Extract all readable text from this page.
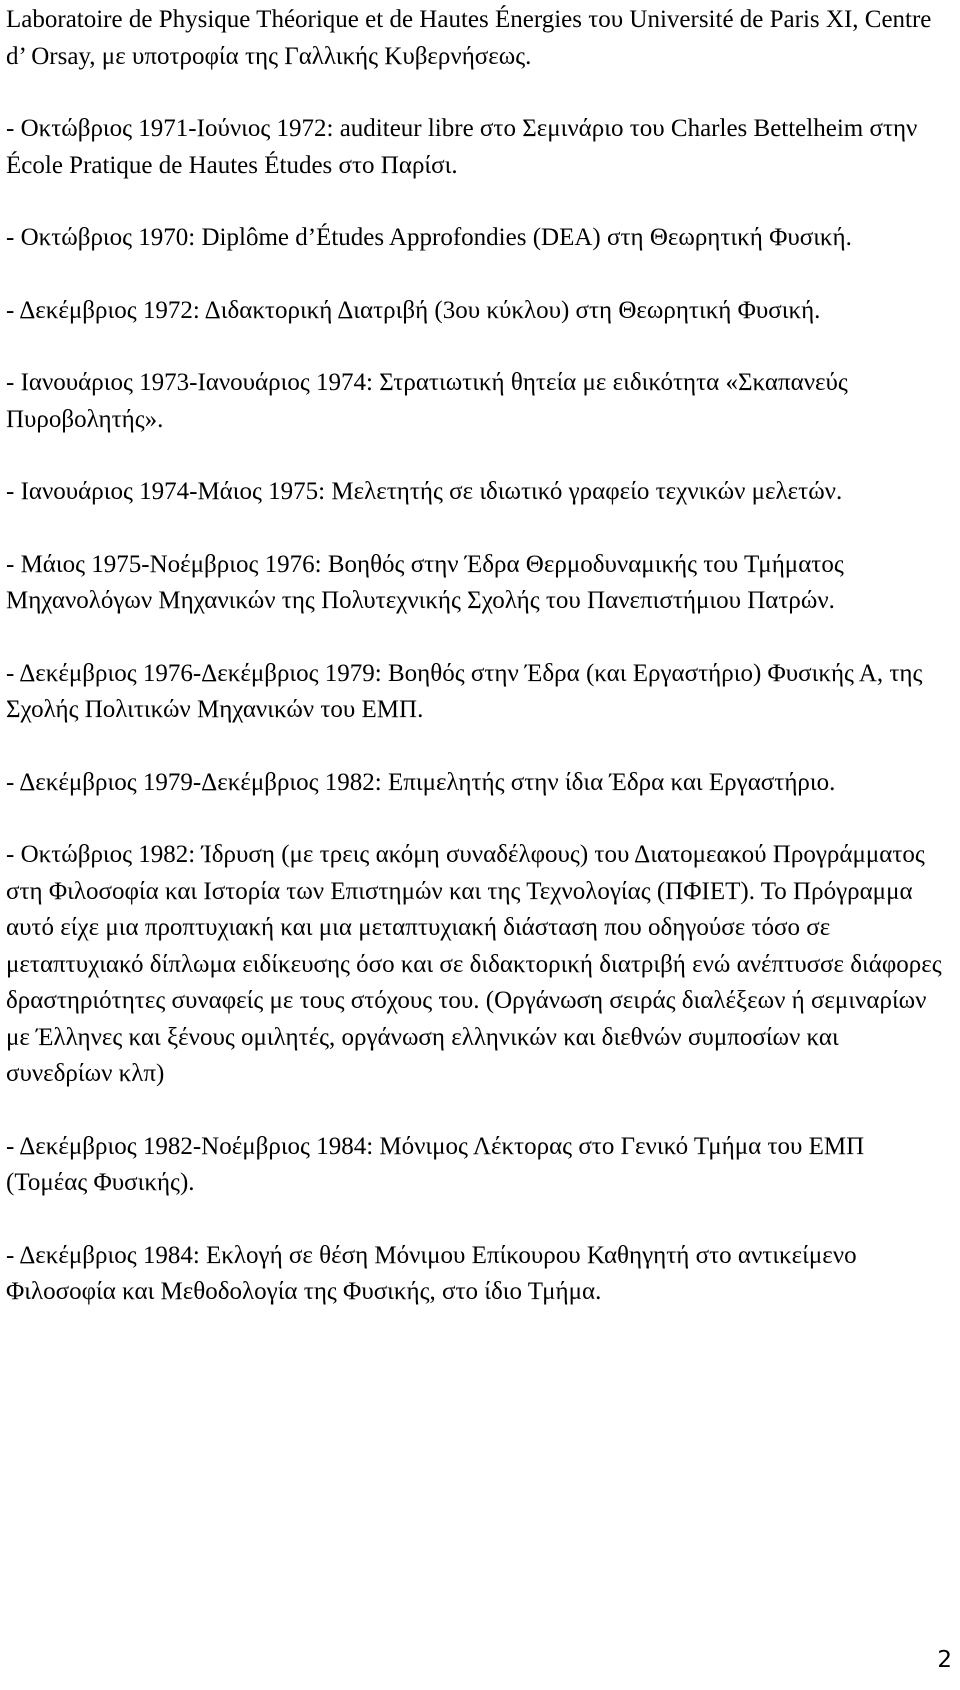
Laboratoire de Physique Théorique et de Hautes Énergies του Université de Paris XI, Centre d’ Orsay, με υποτροφία της Γαλλικής Κυβερνήσεως.

- Οκτώβριος 1971-Ιούνιος 1972: auditeur libre στο Σεμινάριο του Charles Bettelheim στην École Pratique de Hautes Études στο Παρίσι.

- Οκτώβριος 1970: Diplôme d’Études Approfondies (DEA) στη Θεωρητική Φυσική.

- Δεκέμβριος 1972: Διδακτορική Διατριβή (3ου κύκλου) στη Θεωρητική Φυσική.

- Ιανουάριος 1973-Ιανουάριος 1974: Στρατιωτική θητεία με ειδικότητα «Σκαπανεύς Πυροβολητής».

- Ιανουάριος 1974-Μάιος 1975: Μελετητής σε ιδιωτικό γραφείο τεχνικών μελετών.

- Μάιος 1975-Νοέμβριος 1976: Βοηθός στην Έδρα Θερμοδυναμικής του Τμήματος Μηχανολόγων Μηχανικών της Πολυτεχνικής Σχολής του Πανεπιστήμιου Πατρών.

- Δεκέμβριος 1976-Δεκέμβριος 1979: Βοηθός στην Έδρα (και Εργαστήριο) Φυσικής Α, της Σχολής Πολιτικών Μηχανικών του ΕΜΠ.

- Δεκέμβριος 1979-Δεκέμβριος 1982: Επιμελητής στην ίδια Έδρα και Εργαστήριο.

- Οκτώβριος 1982: Ίδρυση (με τρεις ακόμη συναδέλφους) του Διατομεακού Προγράμματος στη Φιλοσοφία και Ιστορία των Επιστημών και της Τεχνολογίας (ΠΦΙΕΤ). Το Πρόγραμμα αυτό είχε μια προπτυχιακή και μια μεταπτυχιακή διάσταση που οδηγούσε τόσο σε μεταπτυχιακό δίπλωμα ειδίκευσης όσο και σε διδακτορική διατριβή ενώ ανέπτυσσε διάφορες δραστηριότητες συναφείς με τους στόχους του. (Οργάνωση σειράς διαλέξεων ή σεμιναρίων με Έλληνες και ξένους ομιλητές, οργάνωση ελληνικών και διεθνών συμποσίων και συνεδρίων κλπ)

- Δεκέμβριος 1982-Νοέμβριος 1984: Μόνιμος Λέκτορας στο Γενικό Τμήμα του ΕΜΠ (Τομέας Φυσικής).

- Δεκέμβριος 1984: Εκλογή σε θέση Μόνιμου Επίκουρου Καθηγητή στο αντικείμενο Φιλοσοφία και Μεθοδολογία της Φυσικής, στο ίδιο Τμήμα.

2
